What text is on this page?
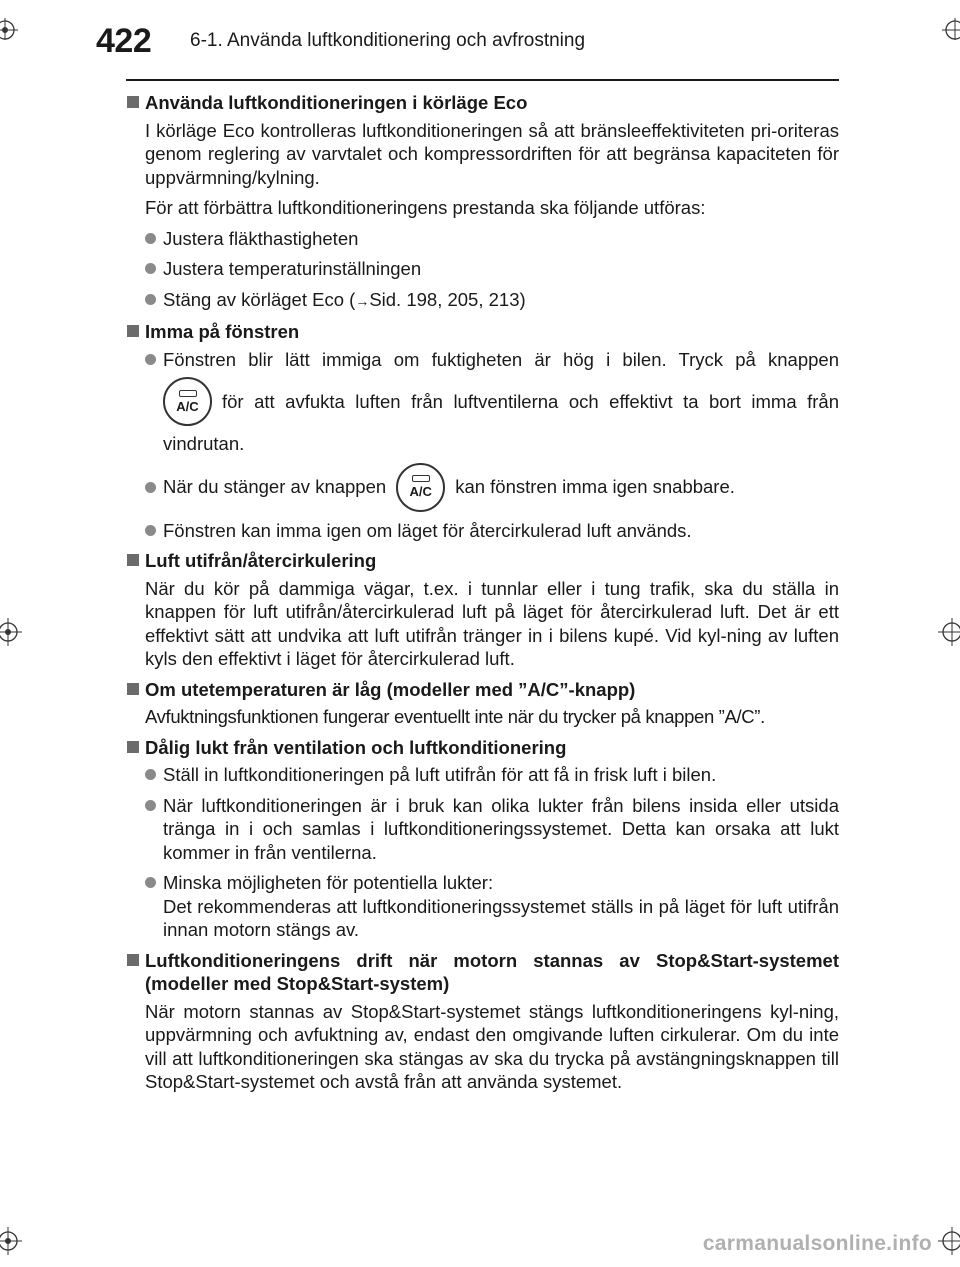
422 6-1. Använda luftkonditionering och avfrostning
Använda luftkonditioneringen i körläge Eco
I körläge Eco kontrolleras luftkonditioneringen så att bränsleeffektiviteten pri-oriteras genom reglering av varvtalet och kompressordriften för att begränsa kapaciteten för uppvärmning/kylning.
För att förbättra luftkonditioneringens prestanda ska följande utföras:
Justera fläkthastigheten
Justera temperaturinställningen
Stäng av körläget Eco (→Sid. 198, 205, 213)
Imma på fönstren
Fönstren blir lätt immiga om fuktigheten är hög i bilen. Tryck på knappen
A/C för att avfukta luften från luftventilerna och effektivt ta bort imma från
vindrutan.
När du stänger av knappen A/C kan fönstren imma igen snabbare.
Fönstren kan imma igen om läget för återcirkulerad luft används.
Luft utifrån/återcirkulering
När du kör på dammiga vägar, t.ex. i tunnlar eller i tung trafik, ska du ställa in knappen för luft utifrån/återcirkulerad luft på läget för återcirkulerad luft. Det är ett effektivt sätt att undvika att luft utifrån tränger in i bilens kupé. Vid kyl-ning av luften kyls den effektivt i läget för återcirkulerad luft.
Om utetemperaturen är låg (modeller med ”A/C”-knapp)
Avfuktningsfunktionen fungerar eventuellt inte när du trycker på knappen ”A/C”.
Dålig lukt från ventilation och luftkonditionering
Ställ in luftkonditioneringen på luft utifrån för att få in frisk luft i bilen.
När luftkonditioneringen är i bruk kan olika lukter från bilens insida eller utsida tränga in i och samlas i luftkonditioneringssystemet. Detta kan orsaka att lukt kommer in från ventilerna.
Minska möjligheten för potentiella lukter:
Det rekommenderas att luftkonditioneringssystemet ställs in på läget för luft utifrån innan motorn stängs av.
Luftkonditioneringens drift när motorn stannas av Stop&Start-systemet (modeller med Stop&Start-system)
När motorn stannas av Stop&Start-systemet stängs luftkonditioneringens kyl-ning, uppvärmning och avfuktning av, endast den omgivande luften cirkulerar. Om du inte vill att luftkonditioneringen ska stängas av ska du trycka på avstängningsknappen till Stop&Start-systemet och avstå från att använda systemet.
carmanualsonline.info
